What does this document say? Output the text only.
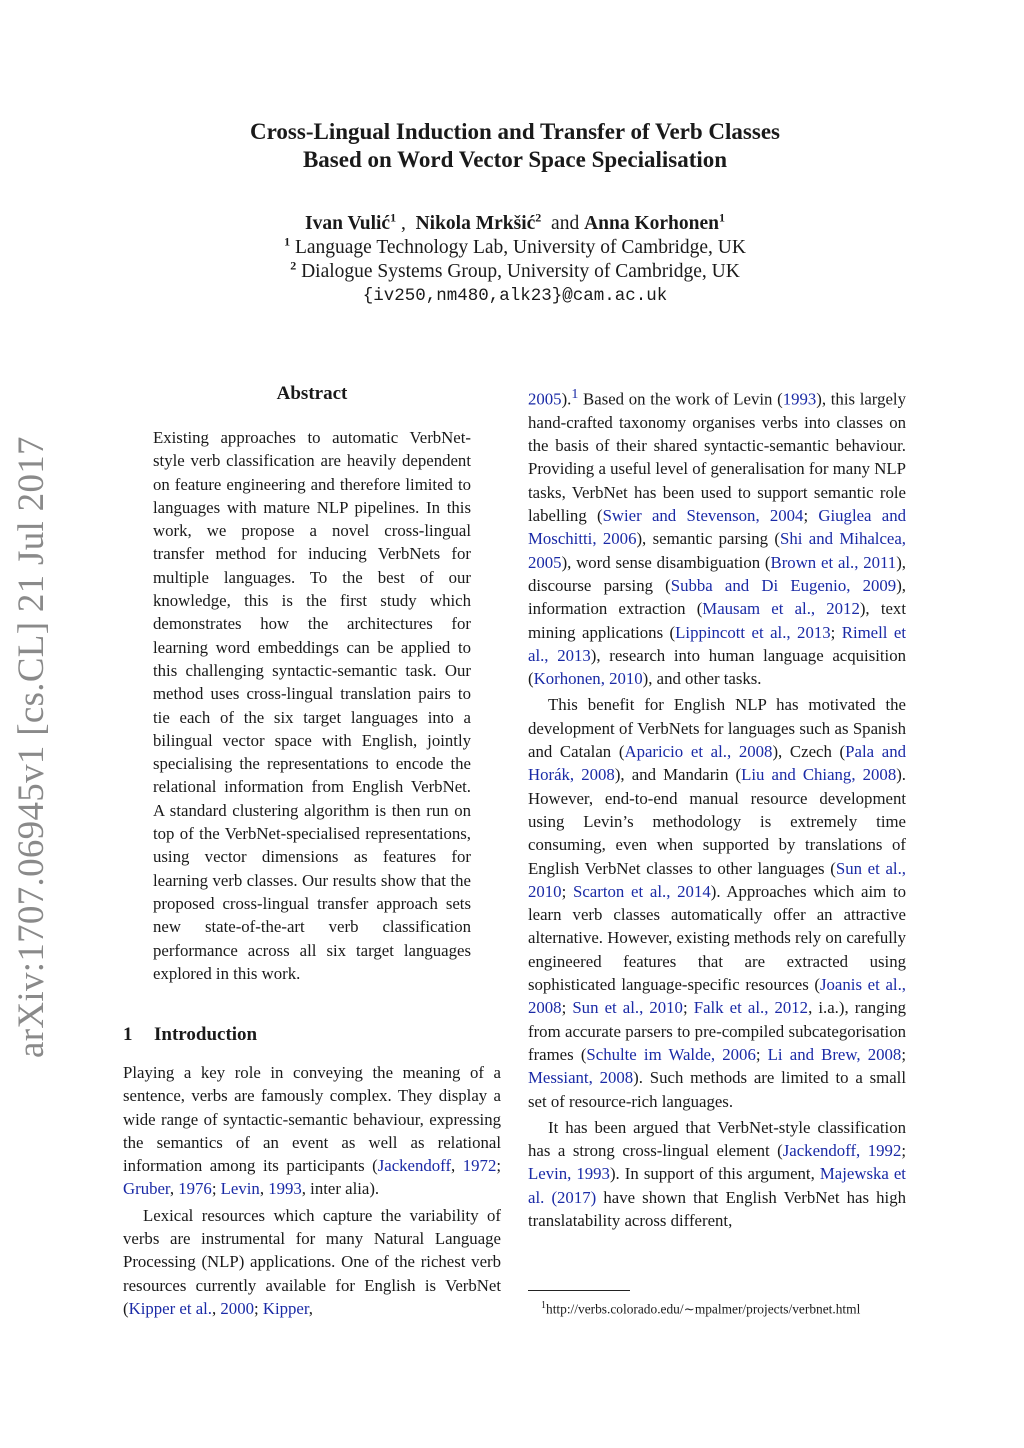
arXiv:1707.06945v1 [cs.CL] 21 Jul 2017
Cross-Lingual Induction and Transfer of Verb Classes
Based on Word Vector Space Specialisation
Ivan Vulić$^1$ ,  Nikola Mrkšić$^2$ and Anna Korhonen$^1$
$^1$ Language Technology Lab, University of Cambridge, UK
$^2$ Dialogue Systems Group, University of Cambridge, UK
{iv250,nm480,alk23}@cam.ac.uk
Abstract

Existing approaches to automatic VerbNet-style verb classification are heavily dependent on feature engineering and therefore limited to languages with mature NLP pipelines. In this work, we propose a novel cross-lingual transfer method for inducing VerbNets for multiple languages. To the best of our knowledge, this is the first study which demonstrates how the architectures for learning word embeddings can be applied to this challenging syntactic-semantic task. Our method uses cross-lingual translation pairs to tie each of the six target languages into a bilingual vector space with English, jointly specialising the representations to encode the relational information from English VerbNet. A standard clustering algorithm is then run on top of the VerbNet-specialised representations, using vector dimensions as features for learning verb classes. Our results show that the proposed cross-lingual transfer approach sets new state-of-the-art verb classification performance across all six target languages explored in this work.

1 Introduction

Playing a key role in conveying the meaning of a sentence, verbs are famously complex. They display a wide range of syntactic-semantic behaviour, expressing the semantics of an event as well as relational information among its participants (Jackendoff, 1972; Gruber, 1976; Levin, 1993, inter alia).

Lexical resources which capture the variability of verbs are instrumental for many Natural Language Processing (NLP) applications. One of the richest verb resources currently available for English is VerbNet (Kipper et al., 2000; Kipper,

2005).$^1$ Based on the work of Levin (1993), this largely hand-crafted taxonomy organises verbs into classes on the basis of their shared syntactic-semantic behaviour. Providing a useful level of generalisation for many NLP tasks, VerbNet has been used to support semantic role labelling (Swier and Stevenson, 2004; Giuglea and Moschitti, 2006), semantic parsing (Shi and Mihalcea, 2005), word sense disambiguation (Brown et al., 2011), discourse parsing (Subba and Di Eugenio, 2009), information extraction (Mausam et al., 2012), text mining applications (Lippincott et al., 2013; Rimell et al., 2013), research into human language acquisition (Korhonen, 2010), and other tasks.

This benefit for English NLP has motivated the development of VerbNets for languages such as Spanish and Catalan (Aparicio et al., 2008), Czech (Pala and Horák, 2008), and Mandarin (Liu and Chiang, 2008). However, end-to-end manual resource development using Levin’s methodology is extremely time consuming, even when supported by translations of English VerbNet classes to other languages (Sun et al., 2010; Scarton et al., 2014). Approaches which aim to learn verb classes automatically offer an attractive alternative. However, existing methods rely on carefully engineered features that are extracted using sophisticated language-specific resources (Joanis et al., 2008; Sun et al., 2010; Falk et al., 2012, i.a.), ranging from accurate parsers to pre-compiled subcategorisation frames (Schulte im Walde, 2006; Li and Brew, 2008; Messiant, 2008). Such methods are limited to a small set of resource-rich languages.

It has been argued that VerbNet-style classification has a strong cross-lingual element (Jackendoff, 1992; Levin, 1993). In support of this argument, Majewska et al. (2017) have shown that English VerbNet has high translatability across different,

$^1$http://verbs.colorado.edu/∼mpalmer/projects/verbnet.html
